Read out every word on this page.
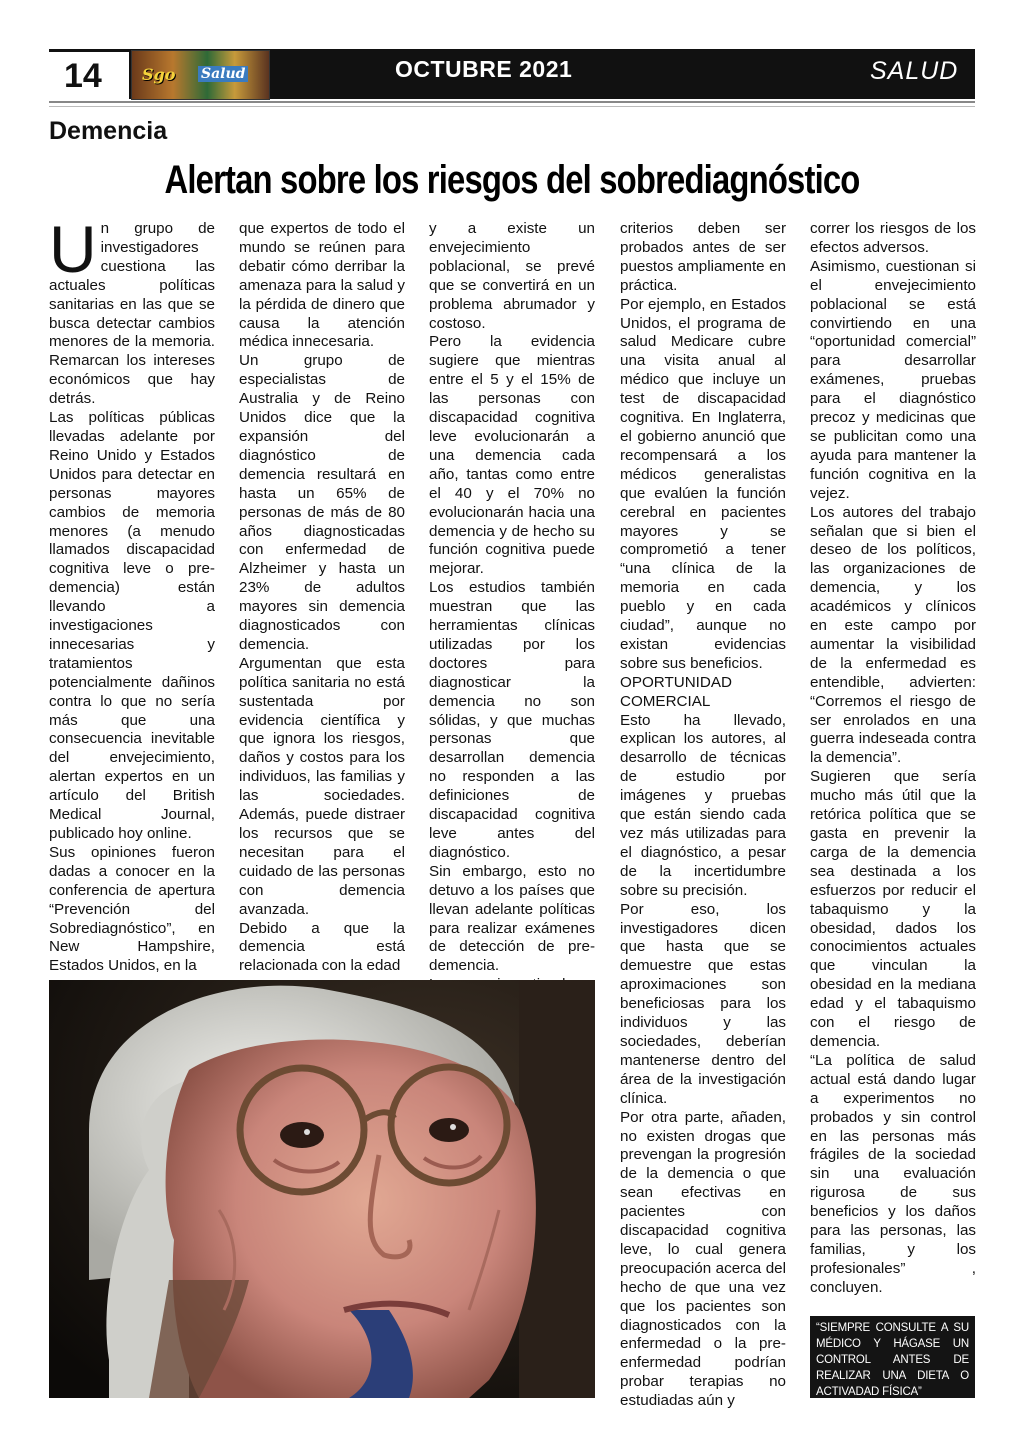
14	Sgo Salud	OCTUBRE 2021	SALUD
Demencia
Alertan sobre los riesgos del sobrediagnóstico

Un grupo de investigadores cuestiona las actuales políticas sanitarias en las que se busca detectar cambios menores de la memoria. Remarcan los intereses económicos que hay detrás.

Las políticas públicas llevadas adelante por Reino Unido y Estados Unidos para detectar en personas mayores cambios de memoria menores (a menudo llamados discapacidad cognitiva leve o pre-demencia) están llevando a investigaciones innecesarias y tratamientos potencialmente dañinos contra lo que no sería más que una consecuencia inevitable del envejecimiento, alertan expertos en un artículo del British Medical Journal, publicado hoy online.

Sus opiniones fueron dadas a conocer en la conferencia de apertura “Prevención del Sobrediagnóstico”, en New Hampshire, Estados Unidos, en la

que expertos de todo el mundo se reúnen para debatir cómo derribar la amenaza para la salud y la pérdida de dinero que causa la atención médica innecesaria.

Un grupo de especialistas de Australia y de Reino Unidos dice que la expansión del diagnóstico de demencia resultará en hasta un 65% de personas de más de 80 años diagnosticadas con enfermedad de Alzheimer y hasta un 23% de adultos mayores sin demencia diagnosticados con demencia.

Argumentan que esta política sanitaria no está sustentada por evidencia científica y que ignora los riesgos, daños y costos para los individuos, las familias y las sociedades. Además, puede distraer los recursos que se necesitan para el cuidado de las personas con demencia avanzada.

Debido a que la demencia está relacionada con la edad

y a existe un envejecimiento poblacional, se prevé que se convertirá en un problema abrumador y costoso.

Pero la evidencia sugiere que mientras entre el 5 y el 15% de las personas con discapacidad cognitiva leve evolucionarán a una demencia cada año, tantas como entre el 40 y el 70% no evolucionarán hacia una demencia y de hecho su función cognitiva puede mejorar.

Los estudios también muestran que las herramientas clínicas utilizadas por los doctores para diagnosticar la demencia no son sólidas, y que muchas personas que desarrollan demencia no responden a las definiciones de discapacidad cognitiva leve antes del diagnóstico.

Sin embargo, esto no detuvo a los países que llevan adelante políticas para realizar exámenes de detección de pre-demencia.

criterios deben ser probados antes de ser puestos ampliamente en práctica.

Por ejemplo, en Estados Unidos, el programa de salud Medicare cubre una visita anual al médico que incluye un test de discapacidad cognitiva. En Inglaterra, el gobierno anunció que recompensará a los médicos generalistas que evalúen la función cerebral en pacientes mayores y se comprometió a tener “una clínica de la memoria en cada pueblo y en cada ciudad”, aunque no existan evidencias sobre sus beneficios.

OPORTUNIDAD COMERCIAL

Esto ha llevado, explican los autores, al desarrollo de técnicas de estudio por imágenes y pruebas que están siendo cada vez más utilizadas para el diagnóstico, a pesar de la incertidumbre sobre su precisión.

Por eso, los investigadores dicen que hasta que se demuestre que estas aproximaciones son beneficiosas para los individuos y las sociedades, deberían mantenerse dentro del área de la investigación clínica.

Por otra parte, añaden, no existen drogas que prevengan la progresión de la demencia o que sean efectivas en pacientes con discapacidad cognitiva leve, lo cual genera preocupación acerca del hecho de que una vez que los pacientes son diagnosticados con la enfermedad o la pre-enfermedad podrían probar terapias no estudiadas aún y

correr los riesgos de los efectos adversos.

Asimismo, cuestionan si el envejecimiento poblacional se está convirtiendo en una “oportunidad comercial” para desarrollar exámenes, pruebas para el diagnóstico precoz y medicinas que se publicitan como una ayuda para mantener la función cognitiva en la vejez.

Los autores del trabajo señalan que si bien el deseo de los políticos, las organizaciones de demencia, y los académicos y clínicos en este campo por aumentar la visibilidad de la enfermedad es entendible, advierten: “Corremos el riesgo de ser enrolados en una guerra indeseada contra la demencia”.

Sugieren que sería mucho más útil que la retórica política que se gasta en prevenir la carga de la demencia sea destinada a los esfuerzos por reducir el tabaquismo y la obesidad, dados los conocimientos actuales que vinculan la obesidad en la mediana edad y el tabaquismo con el riesgo de demencia.

“La política de salud actual está dando lugar a experimentos no probados y sin control en las personas más frágiles de la sociedad sin una evaluación rigurosa de sus beneficios y los daños para las personas, las familias, y los profesionales” , concluyen.

“SIEMPRE CONSULTE A SU MÉDICO Y HÁGASE UN CONTROL ANTES DE REALIZAR UNA DIETA O ACTIVADAD FÍSICA”
